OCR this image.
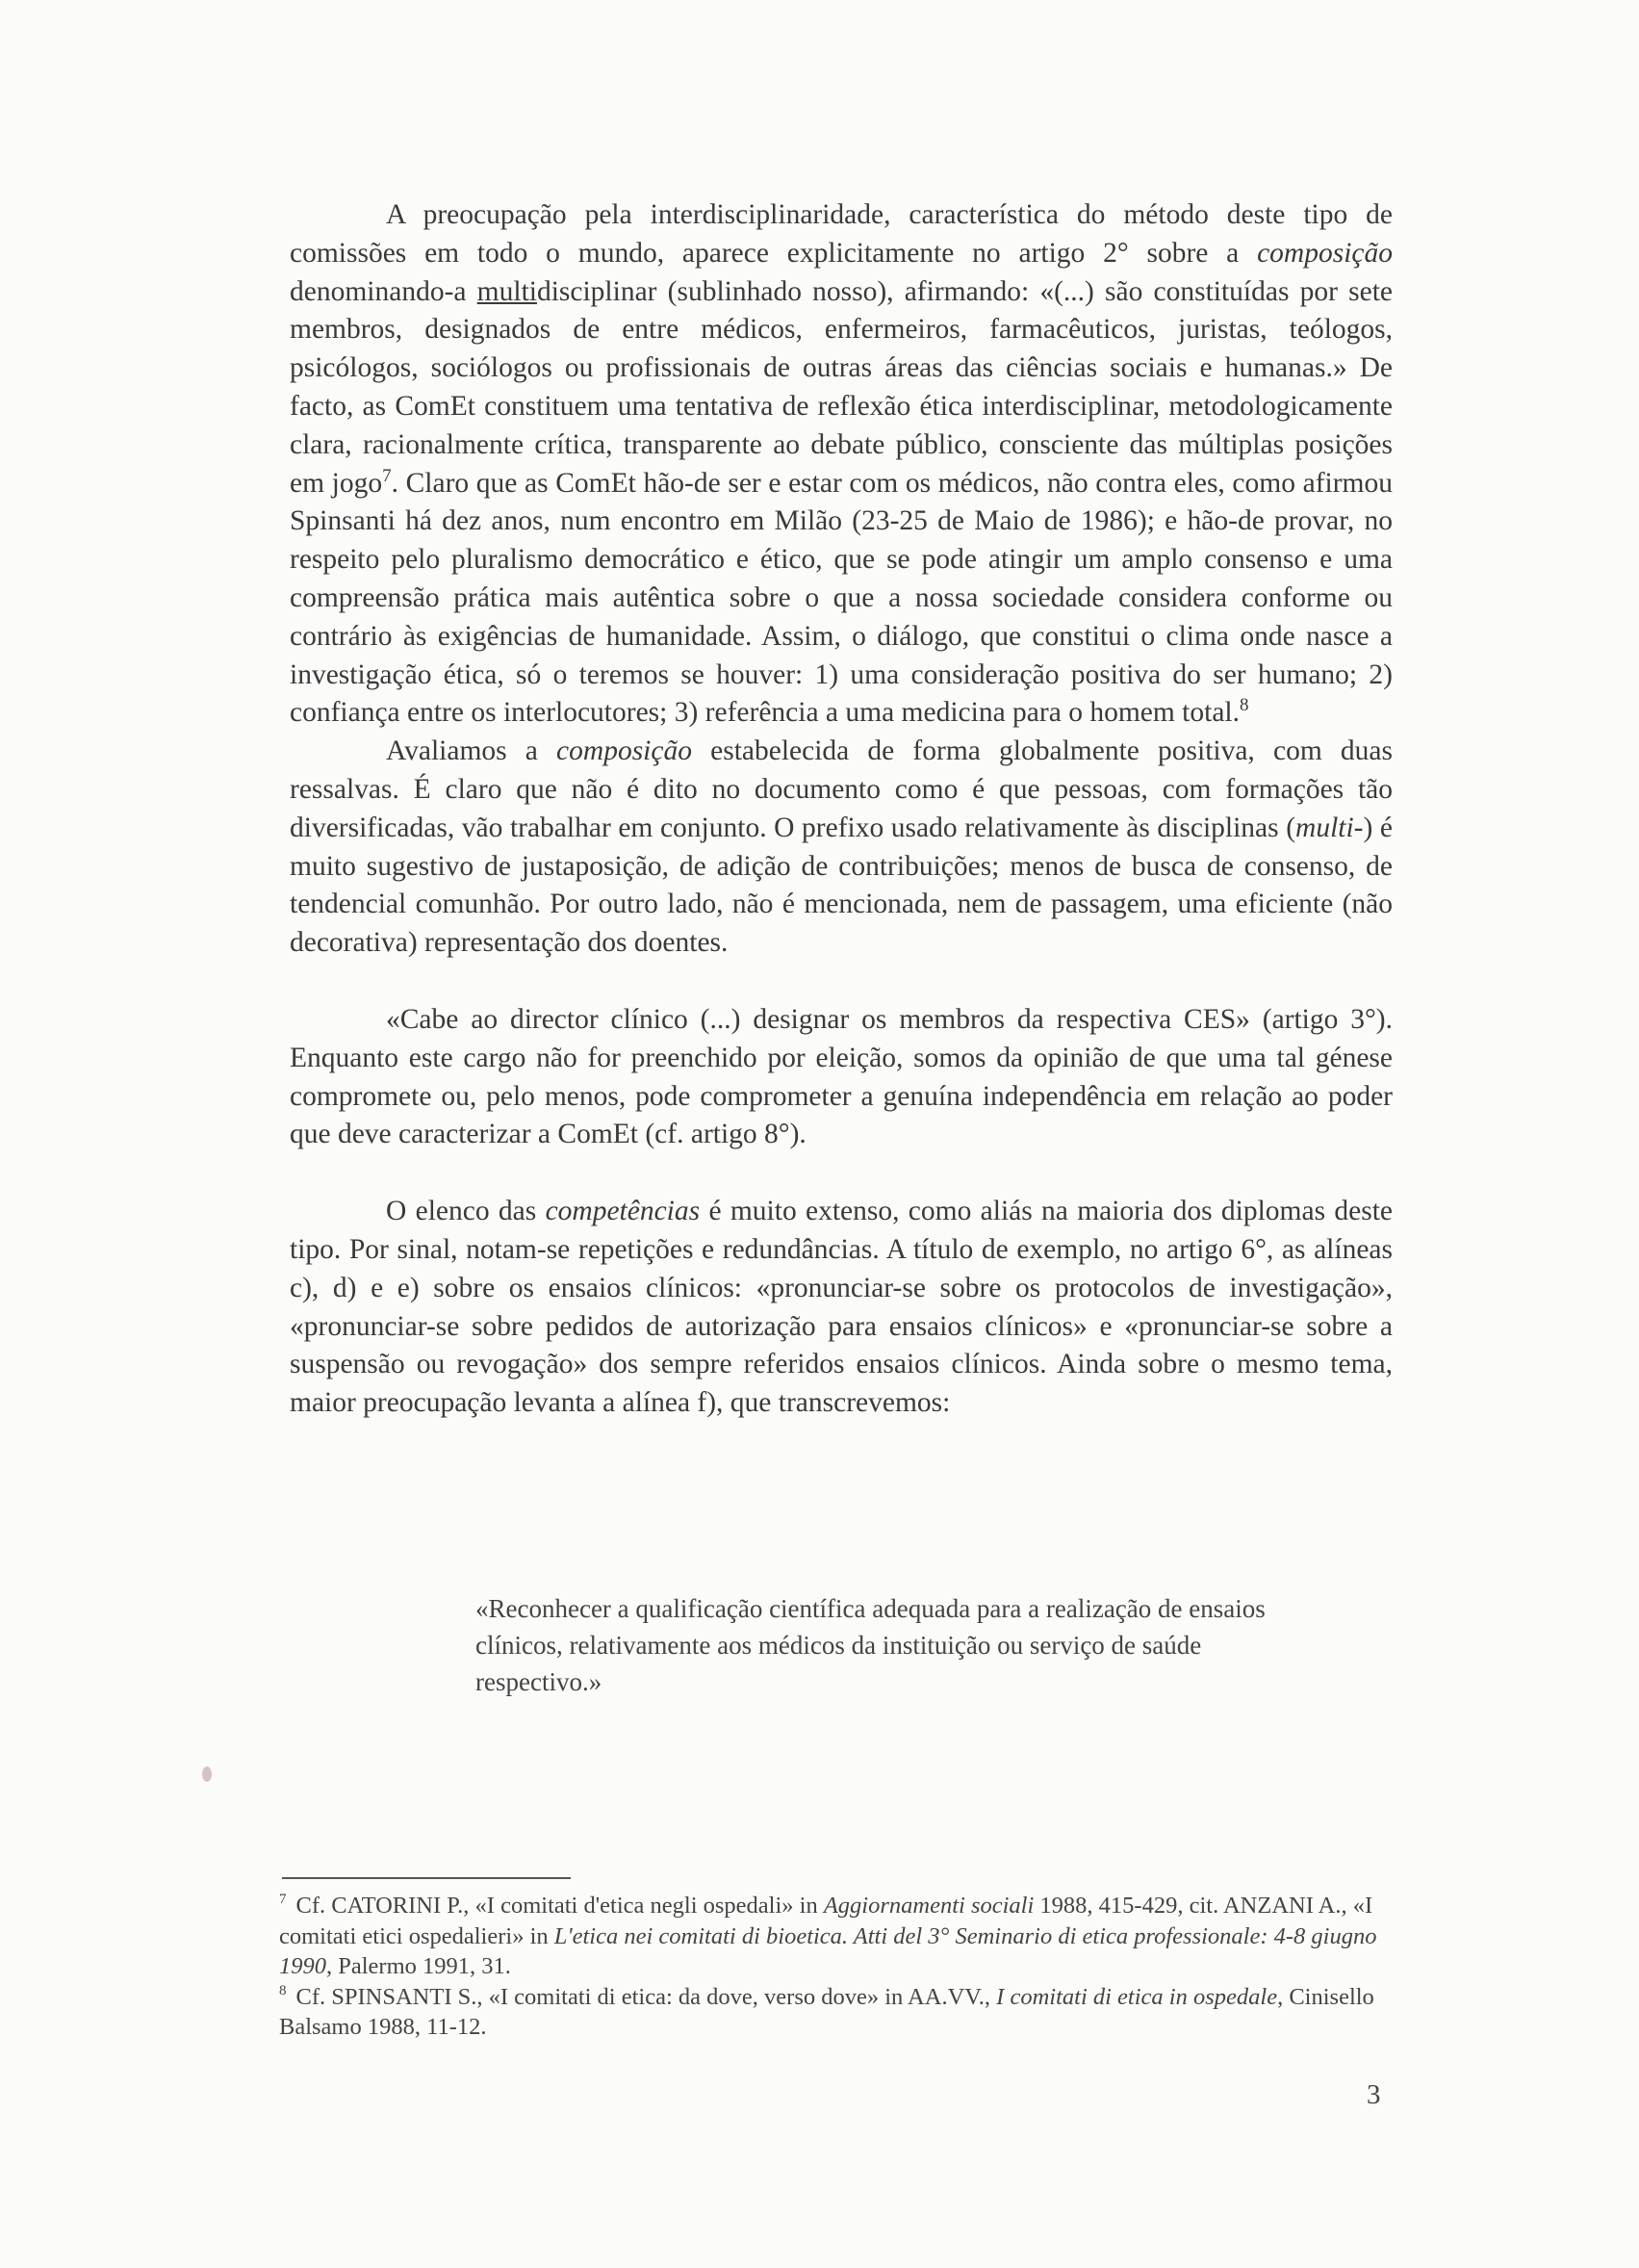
A preocupação pela interdisciplinaridade, característica do método deste tipo de comissões em todo o mundo, aparece explicitamente no artigo 2° sobre a composição denominando-a multidisciplinar (sublinhado nosso), afirmando: «(...) são constituídas por sete membros, designados de entre médicos, enfermeiros, farmacêuticos, juristas, teólogos, psicólogos, sociólogos ou profissionais de outras áreas das ciências sociais e humanas.» De facto, as ComEt constituem uma tentativa de reflexão ética interdisciplinar, metodologicamente clara, racionalmente crítica, transparente ao debate público, consciente das múltiplas posições em jogo$^7$. Claro que as ComEt hão-de ser e estar com os médicos, não contra eles, como afirmou Spinsanti há dez anos, num encontro em Milão (23-25 de Maio de 1986); e hão-de provar, no respeito pelo pluralismo democrático e ético, que se pode atingir um amplo consenso e uma compreensão prática mais autêntica sobre o que a nossa sociedade considera conforme ou contrário às exigências de humanidade. Assim, o diálogo, que constitui o clima onde nasce a investigação ética, só o teremos se houver: 1) uma consideração positiva do ser humano; 2) confiança entre os interlocutores; 3) referência a uma medicina para o homem total.$^8$

Avaliamos a composição estabelecida de forma globalmente positiva, com duas ressalvas. É claro que não é dito no documento como é que pessoas, com formações tão diversificadas, vão trabalhar em conjunto. O prefixo usado relativamente às disciplinas (multi-) é muito sugestivo de justaposição, de adição de contribuições; menos de busca de consenso, de tendencial comunhão. Por outro lado, não é mencionada, nem de passagem, uma eficiente (não decorativa) representação dos doentes.

«Cabe ao director clínico (...) designar os membros da respectiva CES» (artigo 3°). Enquanto este cargo não for preenchido por eleição, somos da opinião de que uma tal génese compromete ou, pelo menos, pode comprometer a genuína independência em relação ao poder que deve caracterizar a ComEt (cf. artigo 8°).

O elenco das competências é muito extenso, como aliás na maioria dos diplomas deste tipo. Por sinal, notam-se repetições e redundâncias. A título de exemplo, no artigo 6°, as alíneas c), d) e e) sobre os ensaios clínicos: «pronunciar-se sobre os protocolos de investigação», «pronunciar-se sobre pedidos de autorização para ensaios clínicos» e «pronunciar-se sobre a suspensão ou revogação» dos sempre referidos ensaios clínicos. Ainda sobre o mesmo tema, maior preocupação levanta a alínea f), que transcrevemos:

«Reconhecer a qualificação científica adequada para a realização de ensaios clínicos, relativamente aos médicos da instituição ou serviço de saúde respectivo.»

$^7$ Cf. CATORINI P., «I comitati d'etica negli ospedali» in Aggiornamenti sociali 1988, 415-429, cit. ANZANI A., «I comitati etici ospedalieri» in L'etica nei comitati di bioetica. Atti del 3° Seminario di etica professionale: 4-8 giugno 1990, Palermo 1991, 31.

$^8$ Cf. SPINSANTI S., «I comitati di etica: da dove, verso dove» in AA.VV., I comitati di etica in ospedale, Cinisello Balsamo 1988, 11-12.

3
